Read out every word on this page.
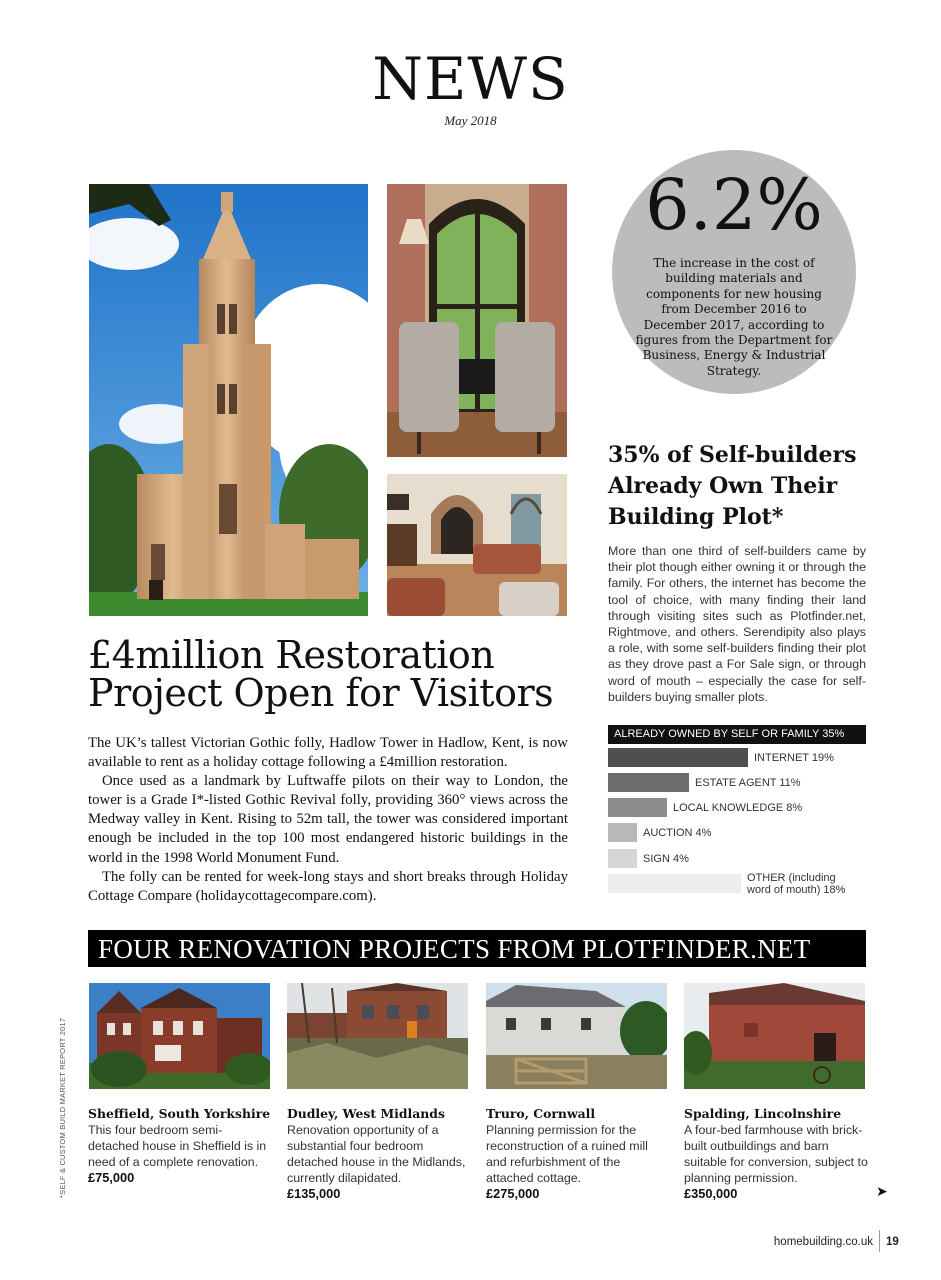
NEWS
May 2018
6.2%
The increase in the cost of building materials and components for new housing from December 2016 to December 2017, according to figures from the Department for Business, Energy & Industrial Strategy.
35% of Self-builders Already Own Their Building Plot*
More than one third of self-builders came by their plot though either owning it or through the family. For others, the internet has become the tool of choice, with many finding their land through visiting sites such as Plotfinder.net, Rightmove, and others. Serendipity also plays a role, with some self-builders finding their plot as they drove past a For Sale sign, or through word of mouth – especially the case for self-builders buying smaller plots.
ALREADY OWNED BY SELF OR FAMILY 35%
INTERNET 19%
ESTATE AGENT 11%
LOCAL KNOWLEDGE 8%
AUCTION 4%
SIGN 4%
OTHER (including
word of mouth) 18%
£4million Restoration
Project Open for Visitors

The UK’s tallest Victorian Gothic folly, Hadlow Tower in Hadlow, Kent, is now available to rent as a holiday cottage following a £4million restoration.

Once used as a landmark by Luftwaffe pilots on their way to London, the tower is a Grade I*-listed Gothic Revival folly, providing 360° views across the Medway valley in Kent. Rising to 52m tall, the tower was considered important enough be included in the top 100 most endangered historic buildings in the world in the 1998 World Monument Fund.

The folly can be rented for week-long stays and short breaks through Holiday Cottage Compare (holidaycottagecompare.com).

FOUR RENOVATION PROJECTS FROM PLOTFINDER.NET
Sheffield, South Yorkshire
This four bedroom semi-detached house in Sheffield is in need of a complete renovation.
£75,000
Dudley, West Midlands
Renovation opportunity of a substantial four bedroom detached house in the Midlands, currently dilapidated.
£135,000
Truro, Cornwall
Planning permission for the reconstruction of a ruined mill and refurbishment of the attached cottage.
£275,000
Spalding, Lincolnshire
A four-bed farmhouse with brick-built outbuildings and barn suitable for conversion, subject to planning permission.
£350,000
*SELF & CUSTOM BUILD MARKET REPORT 2017	➤
homebuilding.co.uk 19
